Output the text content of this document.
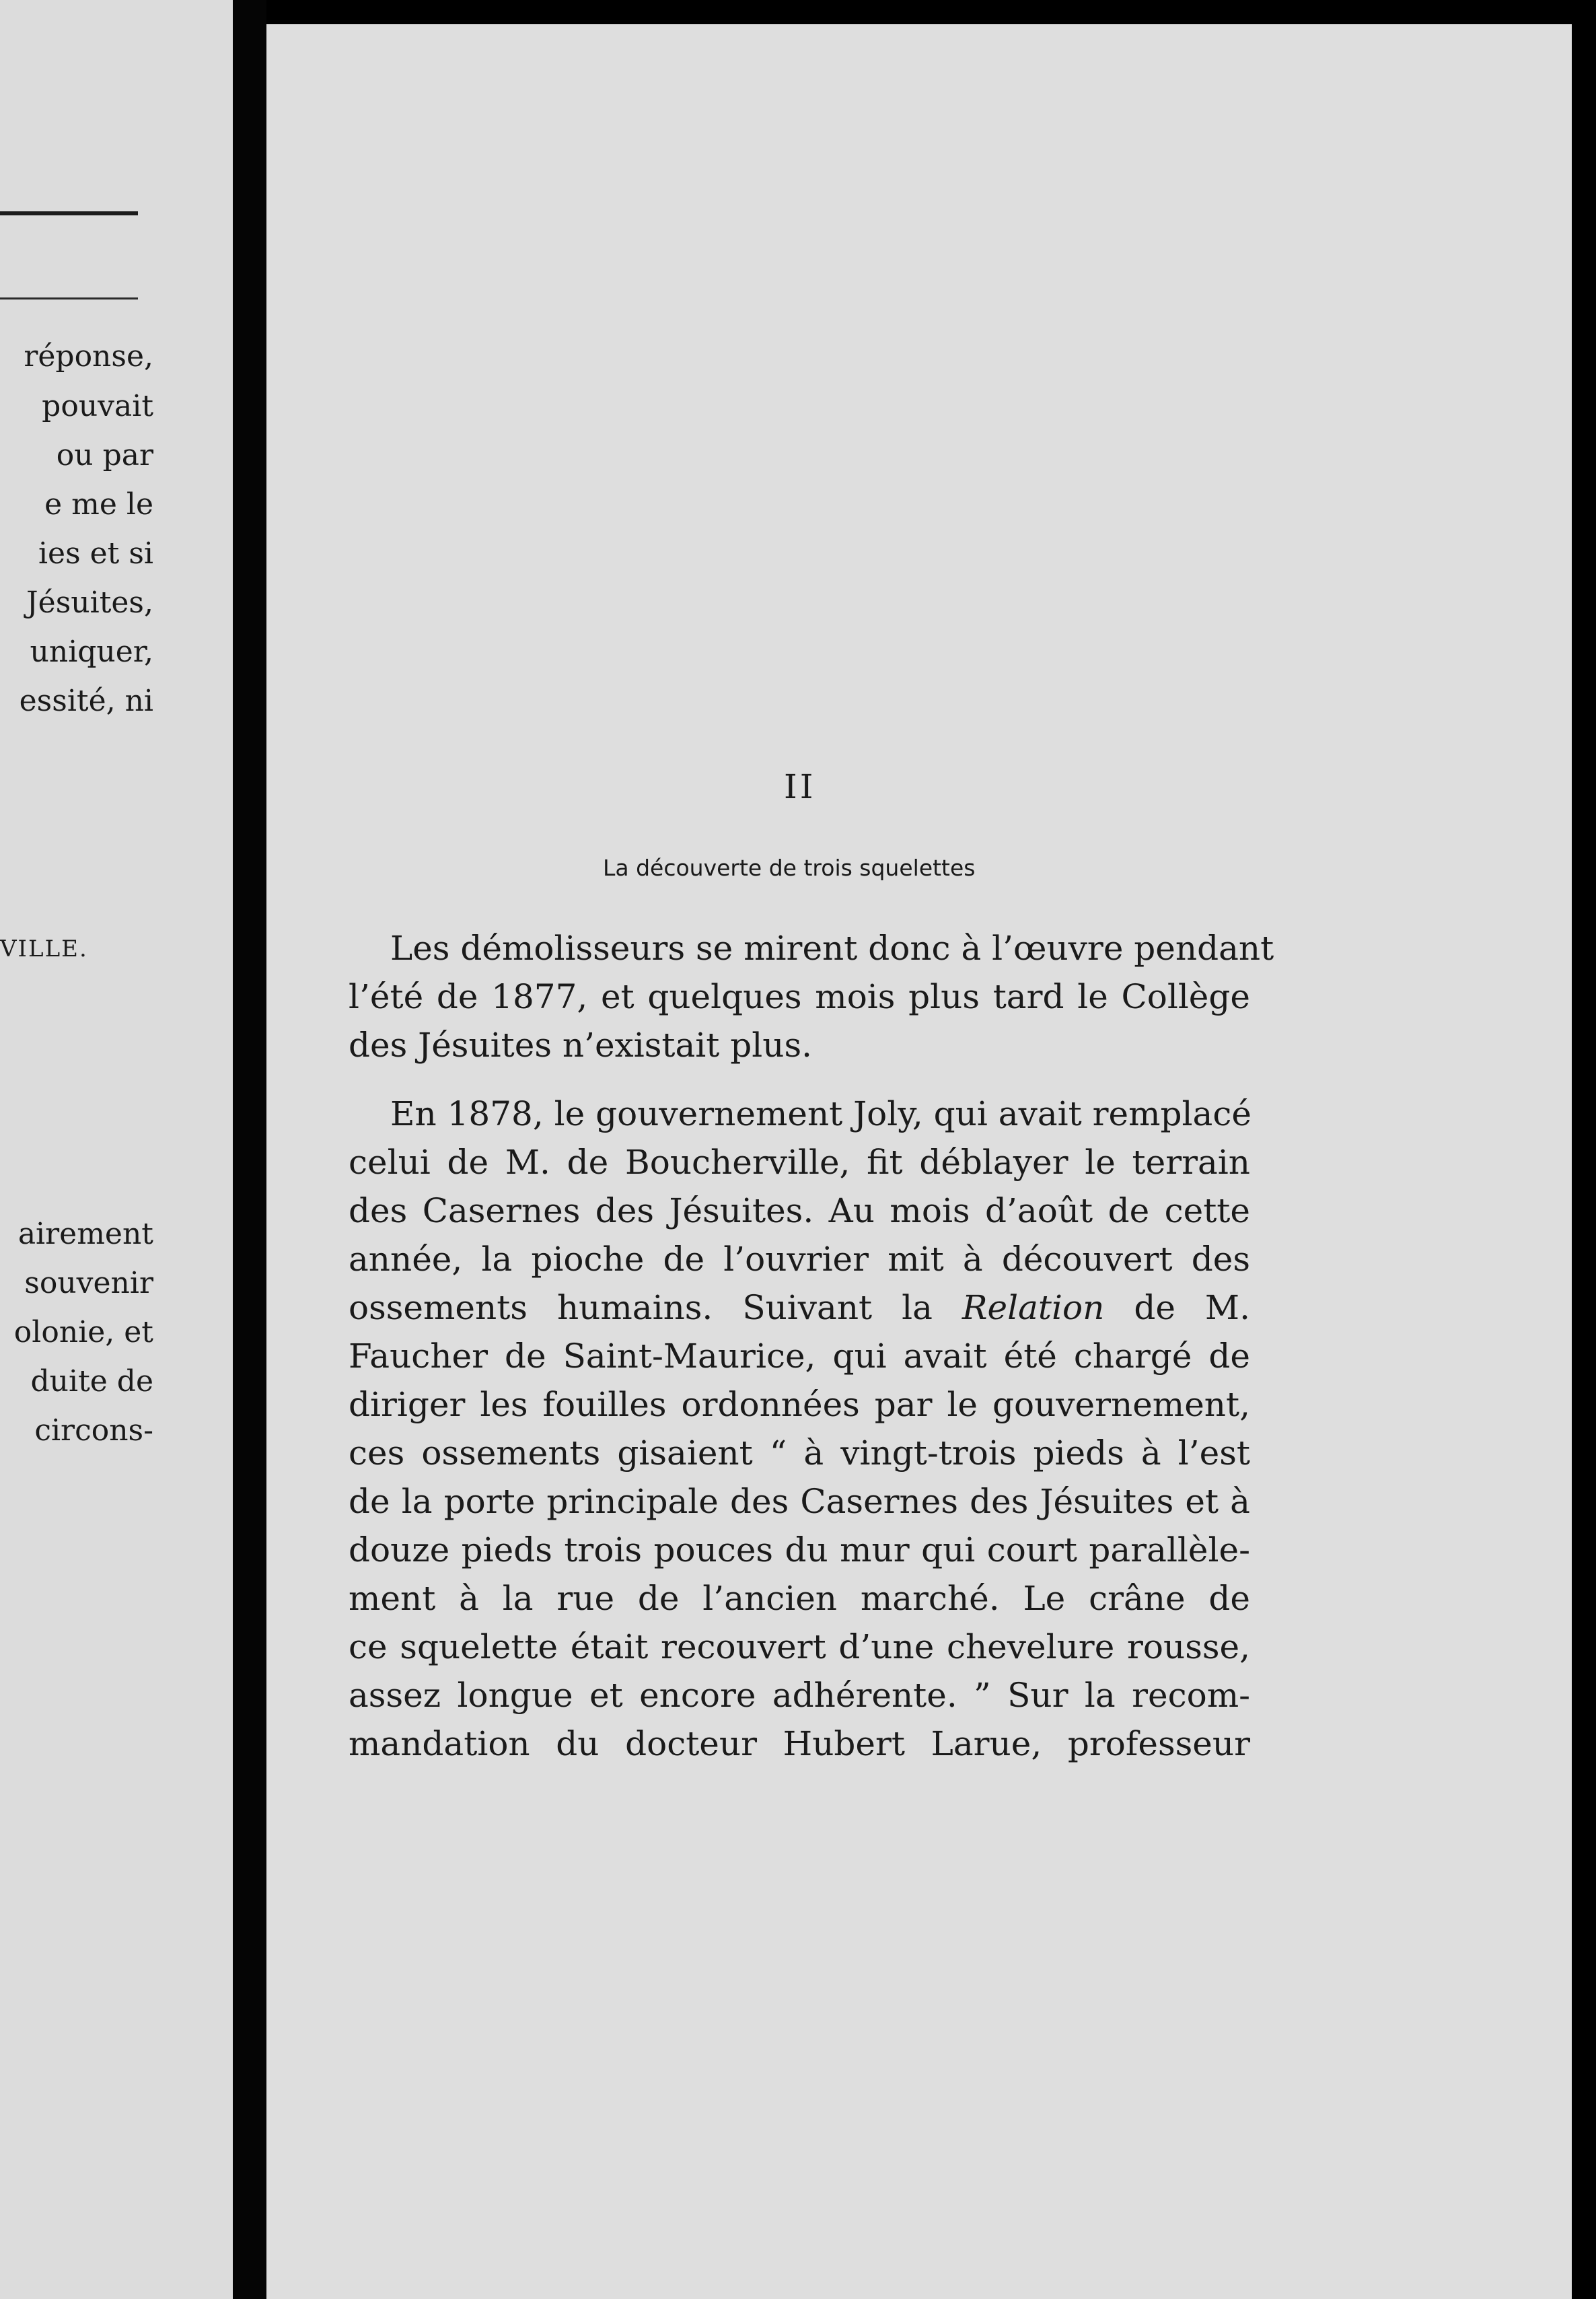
réponse,
pouvait
ou par
e me le
ies et si
Jésuites,
uniquer,
essité, ni
VILLE.
airement
souvenir
olonie, et
duite de
circons-
II
La découverte de trois squelettes
Les démolisseurs se mirent donc à l’œuvre pendant
l’été de 1877, et quelques mois plus tard le Collège
des Jésuites n’existait plus.
En 1878, le gouvernement Joly, qui avait remplacé
celui de M. de Boucherville, fit déblayer le terrain
des Casernes des Jésuites. Au mois d’août de cette
année, la pioche de l’ouvrier mit à découvert des
ossements humains. Suivant la Relation de M.
Faucher de Saint-Maurice, qui avait été chargé de
diriger les fouilles ordonnées par le gouvernement,
ces ossements gisaient “ à vingt-trois pieds à l’est
de la porte principale des Casernes des Jésuites et à
douze pieds trois pouces du mur qui court parallèle-
ment à la rue de l’ancien marché. Le crâne de
ce squelette était recouvert d’une chevelure rousse,
assez longue et encore adhérente. ” Sur la recom-
mandation du docteur Hubert Larue, professeur
